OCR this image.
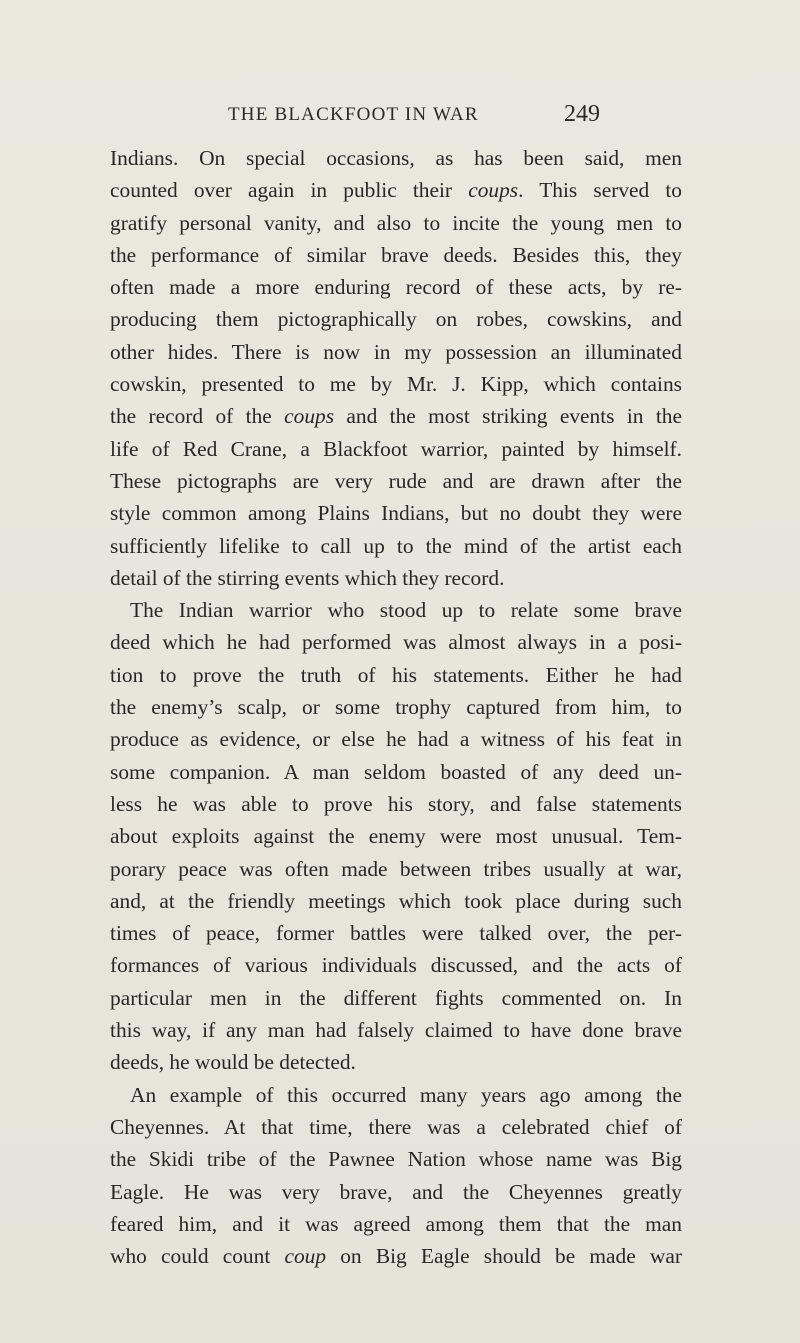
THE BLACKFOOT IN WAR	249
Indians. On special occasions, as has been said, men
counted over again in public their coups. This served to
gratify personal vanity, and also to incite the young men to
the performance of similar brave deeds. Besides this, they
often made a more enduring record of these acts, by re-
producing them pictographically on robes, cowskins, and
other hides. There is now in my possession an illuminated
cowskin, presented to me by Mr. J. Kipp, which contains
the record of the coups and the most striking events in the
life of Red Crane, a Blackfoot warrior, painted by himself.
These pictographs are very rude and are drawn after the
style common among Plains Indians, but no doubt they were
sufficiently lifelike to call up to the mind of the artist each
detail of the stirring events which they record.
The Indian warrior who stood up to relate some brave
deed which he had performed was almost always in a posi-
tion to prove the truth of his statements. Either he had
the enemy’s scalp, or some trophy captured from him, to
produce as evidence, or else he had a witness of his feat in
some companion. A man seldom boasted of any deed un-
less he was able to prove his story, and false statements
about exploits against the enemy were most unusual. Tem-
porary peace was often made between tribes usually at war,
and, at the friendly meetings which took place during such
times of peace, former battles were talked over, the per-
formances of various individuals discussed, and the acts of
particular men in the different fights commented on. In
this way, if any man had falsely claimed to have done brave
deeds, he would be detected.
An example of this occurred many years ago among the
Cheyennes. At that time, there was a celebrated chief of
the Skidi tribe of the Pawnee Nation whose name was Big
Eagle. He was very brave, and the Cheyennes greatly
feared him, and it was agreed among them that the man
who could count coup on Big Eagle should be made war
